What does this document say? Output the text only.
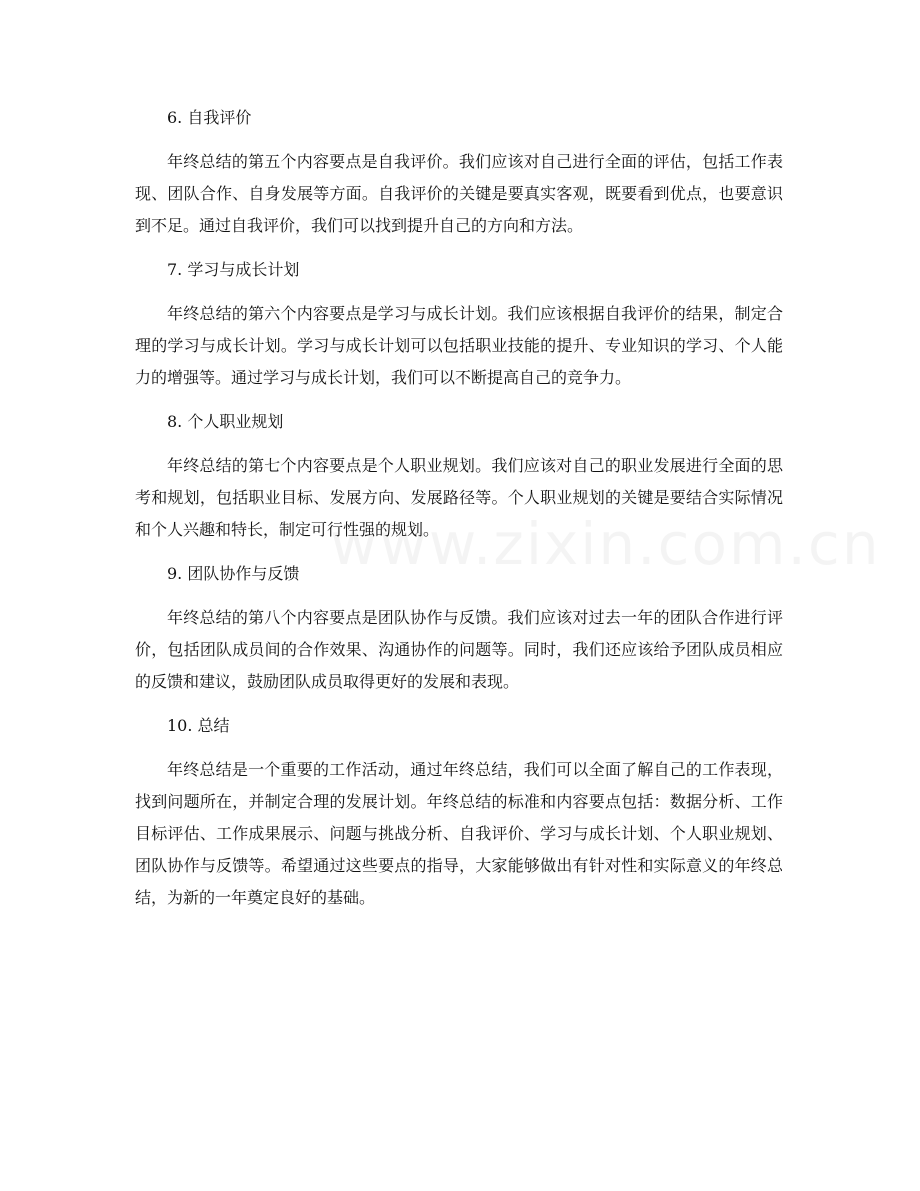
6. 自我评价

年终总结的第五个内容要点是自我评价。我们应该对自己进行全面的评估，包括工作表现、团队合作、自身发展等方面。自我评价的关键是要真实客观，既要看到优点，也要意识到不足。通过自我评价，我们可以找到提升自己的方向和方法。

7. 学习与成长计划

年终总结的第六个内容要点是学习与成长计划。我们应该根据自我评价的结果，制定合理的学习与成长计划。学习与成长计划可以包括职业技能的提升、专业知识的学习、个人能力的增强等。通过学习与成长计划，我们可以不断提高自己的竞争力。

8. 个人职业规划

年终总结的第七个内容要点是个人职业规划。我们应该对自己的职业发展进行全面的思考和规划，包括职业目标、发展方向、发展路径等。个人职业规划的关键是要结合实际情况和个人兴趣和特长，制定可行性强的规划。

9. 团队协作与反馈

年终总结的第八个内容要点是团队协作与反馈。我们应该对过去一年的团队合作进行评价，包括团队成员间的合作效果、沟通协作的问题等。同时，我们还应该给予团队成员相应的反馈和建议，鼓励团队成员取得更好的发展和表现。

10. 总结

年终总结是一个重要的工作活动，通过年终总结，我们可以全面了解自己的工作表现，找到问题所在，并制定合理的发展计划。年终总结的标准和内容要点包括：数据分析、工作目标评估、工作成果展示、问题与挑战分析、自我评价、学习与成长计划、个人职业规划、团队协作与反馈等。希望通过这些要点的指导，大家能够做出有针对性和实际意义的年终总结，为新的一年奠定良好的基础。
